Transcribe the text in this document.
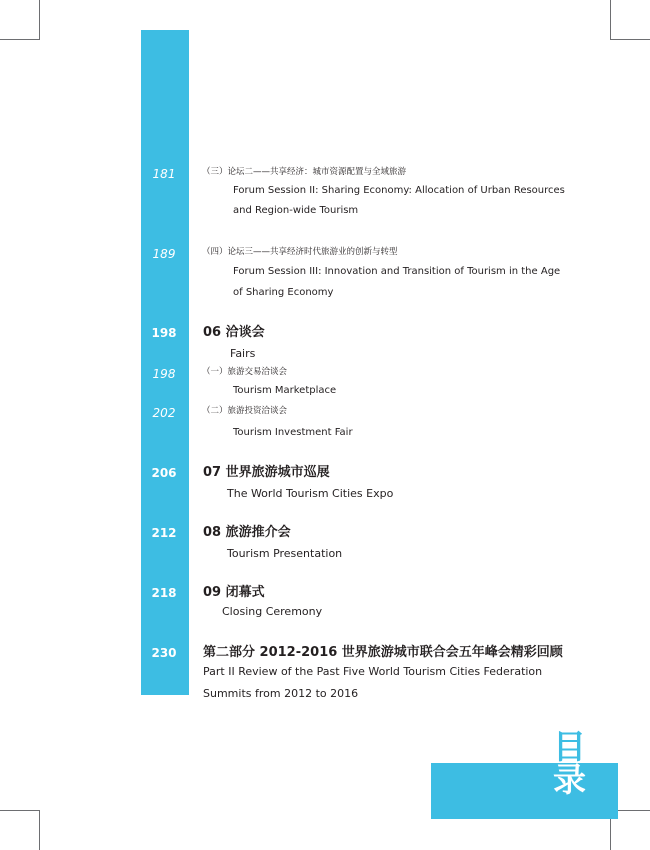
目
录
181	（三）论坛二——共享经济：城市资源配置与全域旅游
Forum Session II: Sharing Economy: Allocation of Urban Resources
and Region-wide Tourism
189	（四）论坛三——共享经济时代旅游业的创新与转型
Forum Session III: Innovation and Transition of Tourism in the Age
of Sharing Economy
198	06 洽谈会
Fairs
198	（一）旅游交易洽谈会
Tourism Marketplace
202	（二）旅游投资洽谈会
Tourism Investment Fair
206	07 世界旅游城市巡展
The World Tourism Cities Expo
212	08 旅游推介会
Tourism Presentation
218	09 闭幕式
Closing Ceremony
230	第二部分 2012-2016 世界旅游城市联合会五年峰会精彩回顾
Part II Review of the Past Five World Tourism Cities Federation
Summits from 2012 to 2016
